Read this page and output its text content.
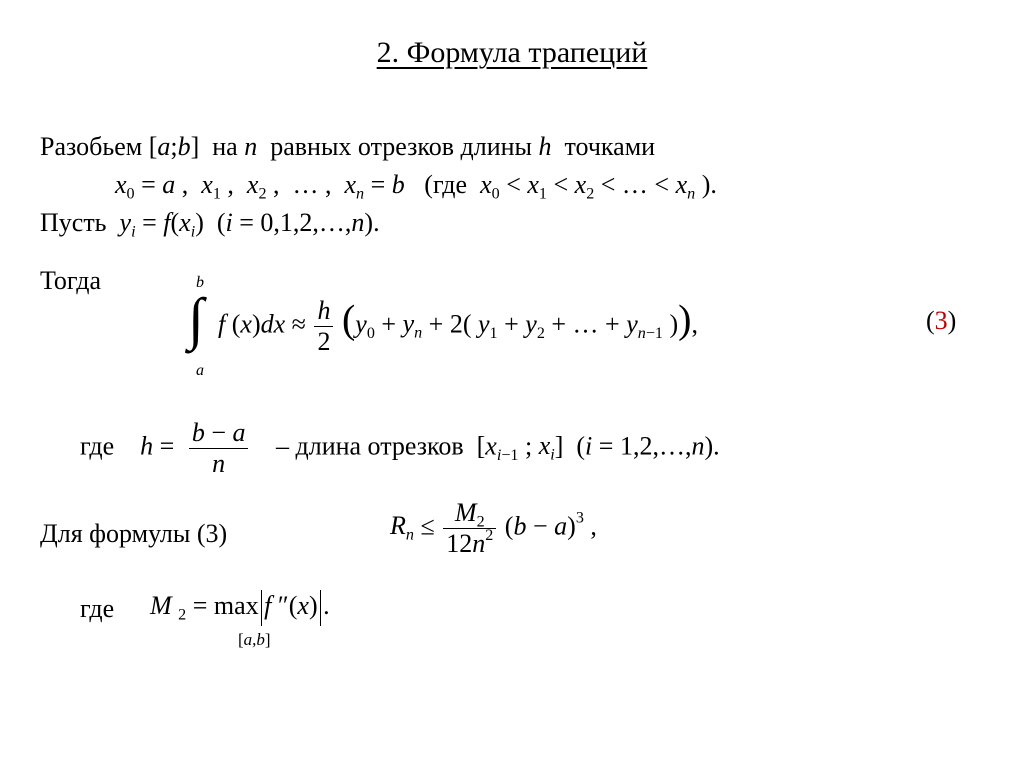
2. Формула трапеций
Разобьем [a;b]  на n равных отрезков длины h точками
$x_0 = a$ ,  $x_1$ ,  $x_2$ ,  … ,  $x_n = b$ (где $x_0 < x_1 < x_2$ < … < $x_n$ ).
Пусть $y_i = f(x_i) (i$ = 0,1,2,…,n).
Тогда	b
∫
a
f $(x)dx \approx \frac{h}{2} (y_0 + y_n + 2$( $y_1 + y_2$ + … + $y_{n-1}$ )),	(3)
где $h = \frac{b - a}{n}$ – длина отрезков  [$x_{i-1}$ ; $x_i$]  (i = 1,2,…,n).
Для формулы (3)	$R_n \le \frac{M_2}{12n^2} (b - a)^3$ ,
где M $_2$ = max f ″(x) .
[a,b]
